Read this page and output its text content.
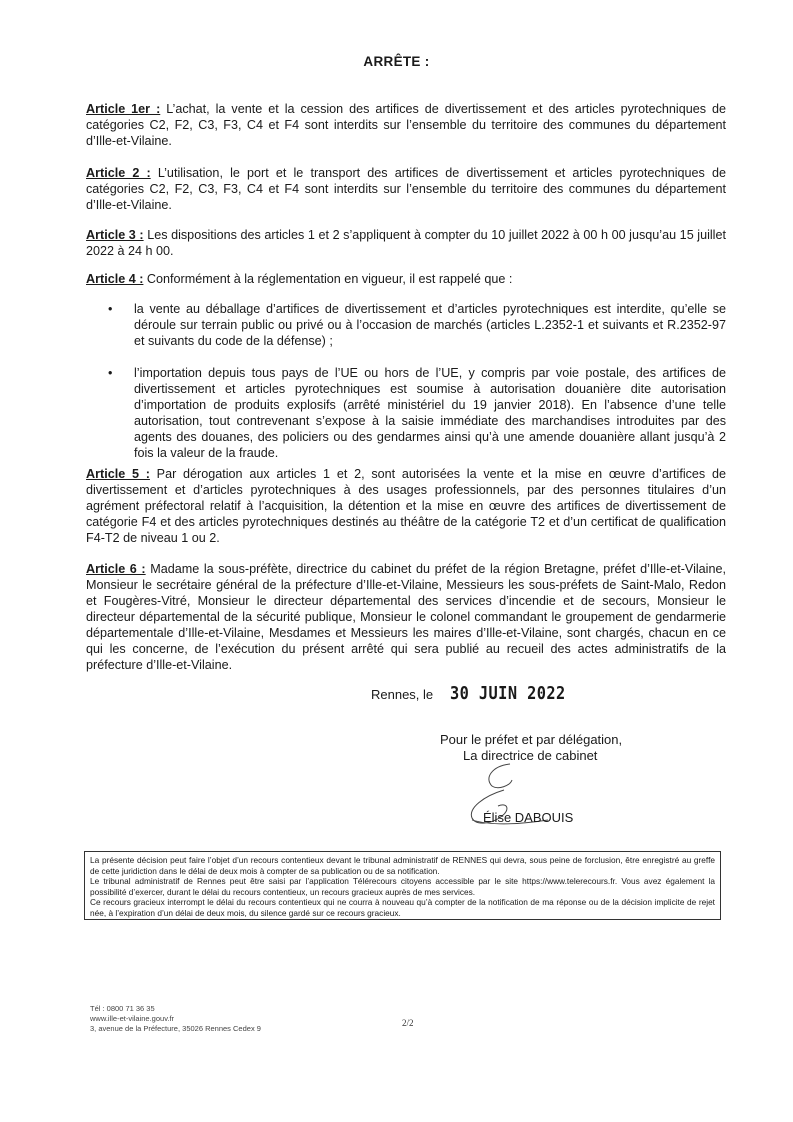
ARRÊTE :
Article 1er : L’achat, la vente et la cession des artifices de divertissement et des articles pyrotechniques de catégories C2, F2, C3, F3, C4 et F4 sont interdits sur l’ensemble du territoire des communes du département d’Ille-et-Vilaine.
Article 2 : L’utilisation, le port et le transport des artifices de divertissement et articles pyrotechniques de catégories C2, F2, C3, F3, C4 et F4 sont interdits sur l’ensemble du territoire des communes du département d’Ille-et-Vilaine.
Article 3 : Les dispositions des articles 1 et 2 s’appliquent à compter du 10 juillet 2022 à 00 h 00 jusqu’au 15 juillet 2022 à 24 h 00.
Article 4 : Conformément à la réglementation en vigueur, il est rappelé que :
• la vente au déballage d’artifices de divertissement et d’articles pyrotechniques est interdite, qu’elle se déroule sur terrain public ou privé ou à l’occasion de marchés (articles L.2352-1 et suivants et R.2352-97 et suivants du code de la défense) ;
• l’importation depuis tous pays de l’UE ou hors de l’UE, y compris par voie postale, des artifices de divertissement et articles pyrotechniques est soumise à autorisation douanière dite autorisation d’importation de produits explosifs (arrêté ministériel du 19 janvier 2018). En l’absence d’une telle autorisation, tout contrevenant s’expose à la saisie immédiate des marchandises introduites par des agents des douanes, des policiers ou des gendarmes ainsi qu’à une amende douanière allant jusqu’à 2 fois la valeur de la fraude.
Article 5 : Par dérogation aux articles 1 et 2, sont autorisées la vente et la mise en œuvre d’artifices de divertissement et d’articles pyrotechniques à des usages professionnels, par des personnes titulaires d’un agrément préfectoral relatif à l’acquisition, la détention et la mise en œuvre des artifices de divertissement de catégorie F4 et des articles pyrotechniques destinés au théâtre de la catégorie T2 et d’un certificat de qualification F4-T2 de niveau 1 ou 2.
Article 6 : Madame la sous-préfète, directrice du cabinet du préfet de la région Bretagne, préfet d’Ille-et-Vilaine, Monsieur le secrétaire général de la préfecture d’Ille-et-Vilaine, Messieurs les sous-préfets de Saint-Malo, Redon et Fougères-Vitré, Monsieur le directeur départemental des services d’incendie et de secours, Monsieur le directeur départemental de la sécurité publique, Monsieur le colonel commandant le groupement de gendarmerie départementale d’Ille-et-Vilaine, Mesdames et Messieurs les maires d’Ille-et-Vilaine, sont chargés, chacun en ce qui les concerne, de l’exécution du présent arrêté qui sera publié au recueil des actes administratifs de la préfecture d’Ille-et-Vilaine.
Rennes, le 30 JUIN 2022
Pour le préfet et par délégation,
La directrice de cabinet
Élise DABOUIS

La présente décision peut faire l’objet d’un recours contentieux devant le tribunal administratif de RENNES qui devra, sous peine de forclusion, être enregistré au greffe de cette juridiction dans le délai de deux mois à compter de sa publication ou de sa notification.

Le tribunal administratif de Rennes peut être saisi par l’application Télérecours citoyens accessible par le site https://www.telerecours.fr. Vous avez également la possibilité d’exercer, durant le délai du recours contentieux, un recours gracieux auprès de mes services.

Ce recours gracieux interrompt le délai du recours contentieux qui ne courra à nouveau qu’à compter de la notification de ma réponse ou de la décision implicite de rejet née, à l’expiration d’un délai de deux mois, du silence gardé sur ce recours gracieux.

Tél : 0800 71 36 35
www.ille-et-vilaine.gouv.fr
3, avenue de la Préfecture, 35026 Rennes Cedex 9
2/2
